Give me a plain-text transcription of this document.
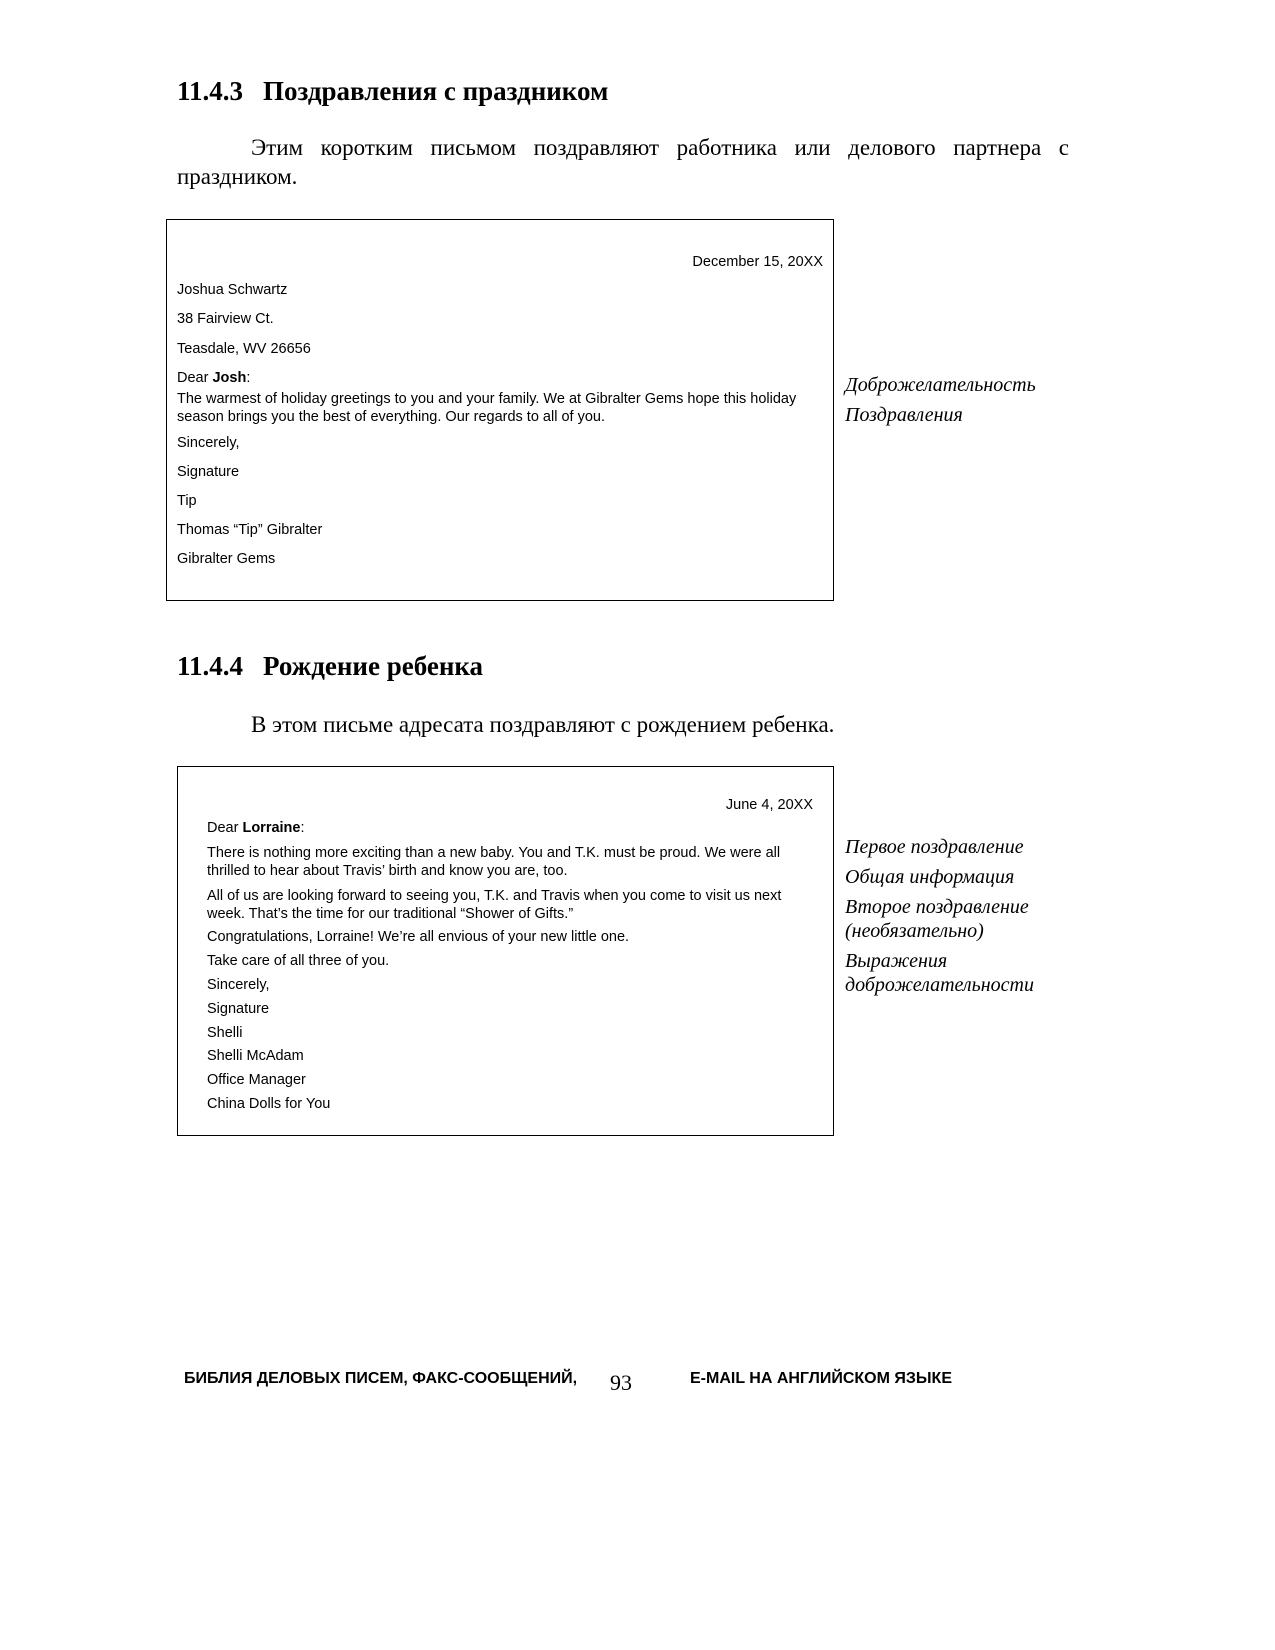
11.4.3 Поздравления с праздником
Этим коротким письмом поздравляют работника или делового партнера с праздником.
December 15, 20XX
Joshua Schwartz
38 Fairview Ct.
Teasdale, WV 26656
Dear Josh:
The warmest of holiday greetings to you and your family. We at Gibralter Gems hope this holiday season brings you the best of everything. Our regards to all of you.
Sincerely,
Signature
Tip
Thomas “Tip” Gibralter
Gibralter Gems
Доброжелательность
Поздравления
11.4.4 Рождение ребенка
В этом письме адресата поздравляют с рождением ребенка.
June 4, 20XX
Dear Lorraine:
There is nothing more exciting than a new baby. You and T.K. must be proud. We were all thrilled to hear about Travis’ birth and know you are, too.
All of us are looking forward to seeing you, T.K. and Travis when you come to visit us next week. That’s the time for our traditional “Shower of Gifts.”
Congratulations, Lorraine! We’re all envious of your new little one.
Take care of all three of you.
Sincerely,
Signature
Shelli
Shelli McAdam
Office Manager
China Dolls for You
Первое поздравление
Общая информация
Второе поздравление (необязательно)
Выражения доброжелательности
БИБЛИЯ ДЕЛОВЫХ ПИСЕМ, ФАКС-СООБЩЕНИЙ, 93	E-MAIL НА АНГЛИЙСКОМ ЯЗЫКЕ
